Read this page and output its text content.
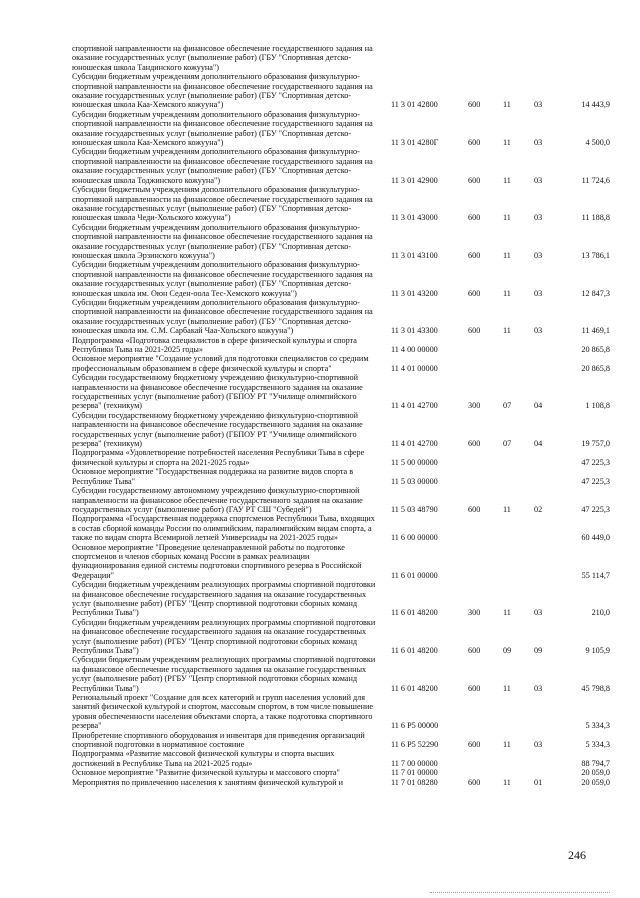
спортивной направленности на финансовое обеспечение государственного задания на оказание государственных услуг (выполнение работ) (ГБУ "Спортивная детско-юношеская школа Тандинского кожууна")
Субсидии бюджетным учреждениям дополнительного образования физкультурно-спортивной направленности на финансовое обеспечение государственного задания на оказание государственных услуг (выполнение работ) (ГБУ "Спортивная детско-юношеская школа Каа-Хемского кожууна")	11 3 01 42800	600	11	03	14 443,9
Субсидии бюджетным учреждениям дополнительного образования физкультурно-спортивной направленности на финансовое обеспечение государственного задания на оказание государственных услуг (выполнение работ) (ГБУ "Спортивная детско-юношеская школа Каа-Хемского кожууна")	11 3 01 4280Г	600	11	03	4 500,0
Субсидии бюджетным учреждениям дополнительного образования физкультурно-спортивной направленности на финансовое обеспечение государственного задания на оказание государственных услуг (выполнение работ) (ГБУ "Спортивная детско-юношеская школа Тоджинского кожууна")	11 3 01 42900	600	11	03	11 724,6
Субсидии бюджетным учреждениям дополнительного образования физкультурно-спортивной направленности на финансовое обеспечение государственного задания на оказание государственных услуг (выполнение работ) (ГБУ "Спортивная детско-юношеская школа Чеди-Хольского кожууна")	11 3 01 43000	600	11	03	11 188,8
Субсидии бюджетным учреждениям дополнительного образования физкультурно-спортивной направленности на финансовое обеспечение государственного задания на оказание государственных услуг (выполнение работ) (ГБУ "Спортивная детско-юношеская школа Эрзинского кожууна")	11 3 01 43100	600	11	03	13 786,1
Субсидии бюджетным учреждениям дополнительного образования физкультурно-спортивной направленности на финансовое обеспечение государственного задания на оказание государственных услуг (выполнение работ) (ГБУ "Спортивная детско-юношеская школа им. Оюн Седен-оола Тес-Хемского кожууна")	11 3 01 43200	600	11	03	12 847,3
Субсидии бюджетным учреждениям дополнительного образования физкультурно-спортивной направленности на финансовое обеспечение государственного задания на оказание государственных услуг (выполнение работ) (ГБУ "Спортивная детско-юношеская школа им. С.М. Сарбакай Чаа-Хольского кожууна")	11 3 01 43300	600	11	03	11 469,1
Подпрограмма «Подготовка специалистов в сфере физической культуры и спорта Республики Тыва на 2021-2025 годы»	11 4 00 00000	20 865,8
Основное мероприятие "Создание условий для подготовки специалистов со средним профессиональным образованием в сфере физической культуры и спорта"	11 4 01 00000	20 865,8
Субсидии государственному бюджетному учреждению физкультурно-спортивной направленности на финансовое обеспечение государственного задания на оказание государственных услуг (выполнение работ) (ГБПОУ РТ "Училище олимпийского резерва" (техникум)	11 4 01 42700	300	07	04	1 108,8
Субсидии государственному бюджетному учреждению физкультурно-спортивной направленности на финансовое обеспечение государственного задания на оказание государственных услуг (выполнение работ) (ГБПОУ РТ "Училище олимпийского резерва" (техникум)	11 4 01 42700	600	07	04	19 757,0
Подпрограмма «Удовлетворение потребностей населения Республики Тыва в сфере физической культуры и спорта на 2021-2025 годы»	11 5 00 00000	47 225,3
Основное мероприятие "Государственная поддержка на развитие видов спорта в Республике Тыва"	11 5 03 00000	47 225,3
Субсидии государственному автономному учреждению физкультурно-спортивной направленности на финансовое обеспечение государственного задания на оказание государственных услуг (выполнение работ) (ГАУ РТ СШ "Субедей")	11 5 03 48790	600	11	02	47 225,3
Подпрограмма «Государственная поддержка спортсменов Республики Тыва, входящих в состав сборной команды России по олимпийским, паралимпийским видам спорта, а также по видам спорта Всемирной летней Универсиады на 2021-2025 годы»	11 6 00 00000	60 449,0
Основное мероприятие "Проведение целенаправленной работы по подготовке спортсменов и членов сборных команд России в рамках реализации функционирования единой системы подготовки спортивного резерва в Российской Федерации"	11 6 01 00000	55 114,7
Субсидии бюджетным учреждениям реализующих программы спортивной подготовки на финансовое обеспечение государственного задания на оказание государственных услуг (выполнение работ) (РГБУ "Центр спортивной подготовки сборных команд Республики Тыва")	11 6 01 48200	300	11	03	210,0
Субсидии бюджетным учреждениям реализующих программы спортивной подготовки на финансовое обеспечение государственного задания на оказание государственных услуг (выполнение работ) (РГБУ "Центр спортивной подготовки сборных команд Республики Тыва")	11 6 01 48200	600	09	09	9 105,9
Субсидии бюджетным учреждениям реализующих программы спортивной подготовки на финансовое обеспечение государственного задания на оказание государственных услуг (выполнение работ) (РГБУ "Центр спортивной подготовки сборных команд Республики Тыва")	11 6 01 48200	600	11	03	45 798,8
Региональный проект "Создание для всех категорий и групп населения условий для занятий физической культурой и спортом, массовым спортом, в том числе повышение уровня обеспеченности населения объектами спорта, а также подготовка спортивного резерва"	11 6 P5 00000	5 334,3
Приобретение спортивного оборудования и инвентаря для приведения организаций спортивной подготовки в нормативное состояние	11 6 P5 52290	600	11	03	5 334,3
Подпрограмма «Развитие массовой физической культуры и спорта высших достижений в Республике Тыва на 2021-2025 годы»	11 7 00 00000	88 794,7
Основное мероприятие "Развитие физической культуры и массового спорта"	11 7 01 00000	20 059,0
Мероприятия по привлечению населения к занятиям физической культурой и	11 7 01 08280	600	11	01	20 059,0
246
